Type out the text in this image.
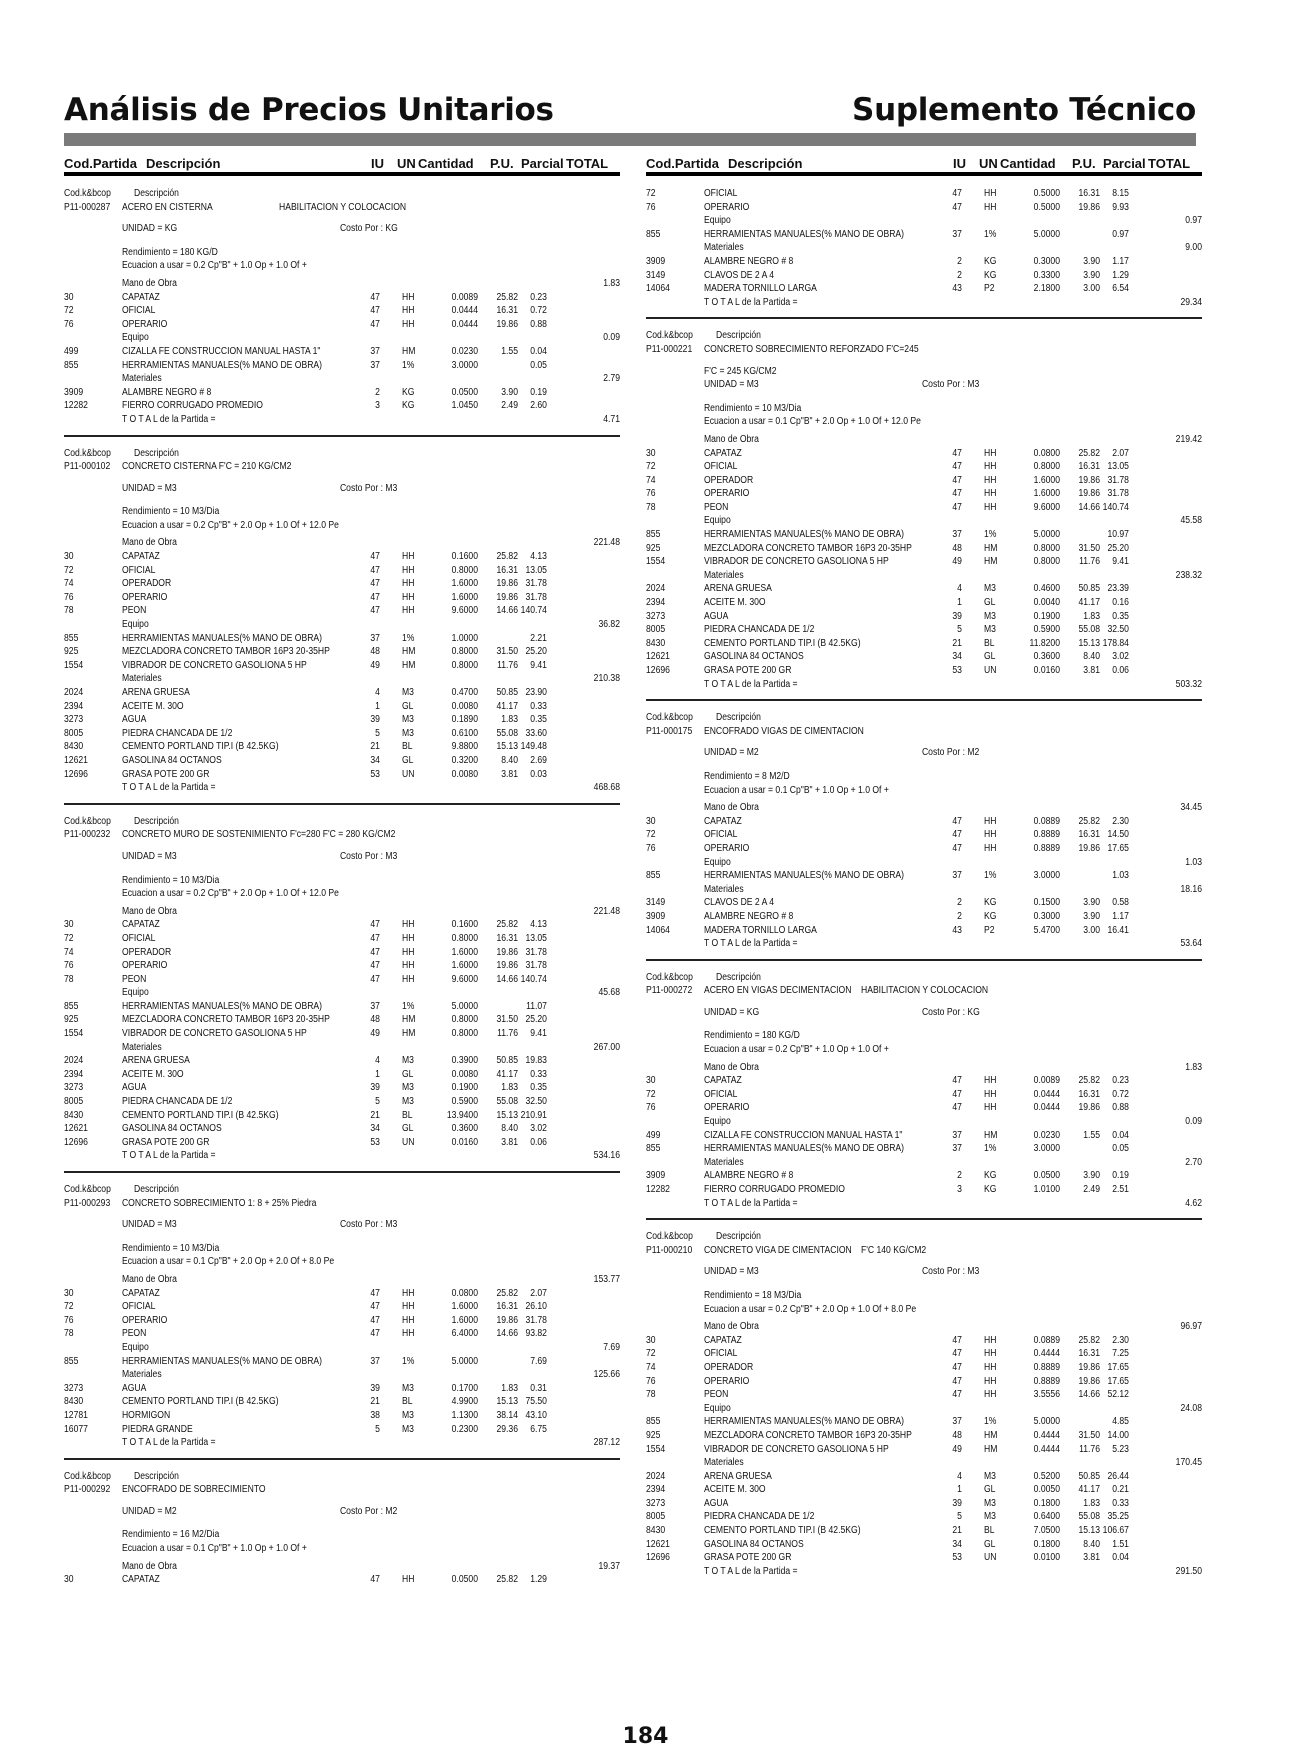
Análisis de Precios Unitarios	Suplemento Técnico
Cod.Partida Descripción	IU UN Cantidad P.U. Parcial TOTAL
Cod.k&bcop Descripción
P11-000287 ACERO EN CISTERNA	HABILITACION Y COLOCACION
UNIDAD = KG	Costo Por : KG
Rendimiento = 180 KG/D
Ecuacion a usar = 0.2 Cp"B" + 1.0 Op + 1.0 Of +
Mano de Obra	1.83
30	CAPATAZ	47 HH	0.0089 25.82 0.23
72	OFICIAL	47 HH	0.0444 16.31 0.72
76	OPERARIO	47 HH	0.0444 19.86 0.88
Equipo	0.09
499	CIZALLA FE CONSTRUCCION MANUAL HASTA 1"	37 HM	0.0230 1.55 0.04
855	HERRAMIENTAS MANUALES(% MANO DE OBRA)	37 1%	3.0000	0.05
Materiales	2.79
3909	ALAMBRE NEGRO # 8	2 KG	0.0500 3.90 0.19
12282	FIERRO CORRUGADO PROMEDIO	3 KG	1.0450 2.49 2.60
T O T A L de la Partida =	4.71
Cod.k&bcop Descripción
P11-000102 CONCRETO CISTERNA F'C = 210 KG/CM2
UNIDAD = M3	Costo Por : M3
Rendimiento = 10 M3/Dia
Ecuacion a usar = 0.2 Cp"B" + 2.0 Op + 1.0 Of + 12.0 Pe
Mano de Obra	221.48
30	CAPATAZ	47 HH	0.1600 25.82 4.13
72	OFICIAL	47 HH	0.8000 16.31 13.05
74	OPERADOR	47 HH	1.6000 19.86 31.78
76	OPERARIO	47 HH	1.6000 19.86 31.78
78	PEON	47 HH	9.6000 14.66 140.74
Equipo	36.82
855	HERRAMIENTAS MANUALES(% MANO DE OBRA)	37 1%	1.0000	2.21
925	MEZCLADORA CONCRETO TAMBOR 16P3 20-35HP	48 HM	0.8000 31.50 25.20
1554	VIBRADOR DE CONCRETO GASOLIONA 5 HP	49 HM	0.8000 11.76 9.41
Materiales	210.38
2024	ARENA GRUESA	4 M3	0.4700 50.85 23.90
2394	ACEITE M. 30O	1 GL	0.0080 41.17 0.33
3273	AGUA	39 M3	0.1890 1.83 0.35
8005	PIEDRA CHANCADA DE 1/2	5 M3	0.6100 55.08 33.60
8430	CEMENTO PORTLAND TIP.I (B 42.5KG)	21 BL	9.8800 15.13 149.48
12621	GASOLINA 84 OCTANOS	34 GL	0.3200 8.40 2.69
12696	GRASA POTE 200 GR	53 UN	0.0080 3.81 0.03
T O T A L de la Partida =	468.68
Cod.k&bcop Descripción
P11-000232 CONCRETO MURO DE SOSTENIMIENTO F'c=280 F'C = 280 KG/CM2
UNIDAD = M3	Costo Por : M3
Rendimiento = 10 M3/Dia
Ecuacion a usar = 0.2 Cp"B" + 2.0 Op + 1.0 Of + 12.0 Pe
Mano de Obra	221.48
30	CAPATAZ	47 HH	0.1600 25.82 4.13
72	OFICIAL	47 HH	0.8000 16.31 13.05
74	OPERADOR	47 HH	1.6000 19.86 31.78
76	OPERARIO	47 HH	1.6000 19.86 31.78
78	PEON	47 HH	9.6000 14.66 140.74
Equipo	45.68
855	HERRAMIENTAS MANUALES(% MANO DE OBRA)	37 1%	5.0000	11.07
925	MEZCLADORA CONCRETO TAMBOR 16P3 20-35HP	48 HM	0.8000 31.50 25.20
1554	VIBRADOR DE CONCRETO GASOLIONA 5 HP	49 HM	0.8000 11.76 9.41
Materiales	267.00
2024	ARENA GRUESA	4 M3	0.3900 50.85 19.83
2394	ACEITE M. 30O	1 GL	0.0080 41.17 0.33
3273	AGUA	39 M3	0.1900 1.83 0.35
8005	PIEDRA CHANCADA DE 1/2	5 M3	0.5900 55.08 32.50
8430	CEMENTO PORTLAND TIP.I (B 42.5KG)	21 BL	13.9400 15.13 210.91
12621	GASOLINA 84 OCTANOS	34 GL	0.3600 8.40 3.02
12696	GRASA POTE 200 GR	53 UN	0.0160 3.81 0.06
T O T A L de la Partida =	534.16
Cod.k&bcop Descripción
P11-000293 CONCRETO SOBRECIMIENTO 1: 8 + 25% Piedra
UNIDAD = M3	Costo Por : M3
Rendimiento = 10 M3/Dia
Ecuacion a usar = 0.1 Cp"B" + 2.0 Op + 2.0 Of + 8.0 Pe
Mano de Obra	153.77
30	CAPATAZ	47 HH	0.0800 25.82 2.07
72	OFICIAL	47 HH	1.6000 16.31 26.10
76	OPERARIO	47 HH	1.6000 19.86 31.78
78	PEON	47 HH	6.4000 14.66 93.82
Equipo	7.69
855	HERRAMIENTAS MANUALES(% MANO DE OBRA)	37 1%	5.0000	7.69
Materiales	125.66
3273	AGUA	39 M3	0.1700 1.83 0.31
8430	CEMENTO PORTLAND TIP.I (B 42.5KG)	21 BL	4.9900 15.13 75.50
12781	HORMIGON	38 M3	1.1300 38.14 43.10
16077	PIEDRA GRANDE	5 M3	0.2300 29.36 6.75
T O T A L de la Partida =	287.12
Cod.k&bcop Descripción
P11-000292 ENCOFRADO DE SOBRECIMIENTO
UNIDAD = M2	Costo Por : M2
Rendimiento = 16 M2/Dia
Ecuacion a usar = 0.1 Cp"B" + 1.0 Op + 1.0 Of +
Mano de Obra	19.37
30	CAPATAZ	47 HH	0.0500 25.82 1.29
Cod.Partida Descripción	IU UN Cantidad P.U. Parcial TOTAL
72	OFICIAL	47 HH	0.5000 16.31 8.15
76	OPERARIO	47 HH	0.5000 19.86 9.93
Equipo	0.97
855	HERRAMIENTAS MANUALES(% MANO DE OBRA)	37 1%	5.0000	0.97
Materiales	9.00
3909	ALAMBRE NEGRO # 8	2 KG	0.3000 3.90 1.17
3149	CLAVOS DE 2 A 4	2 KG	0.3300 3.90 1.29
14064	MADERA TORNILLO LARGA	43 P2	2.1800 3.00 6.54
T O T A L de la Partida =	29.34
Cod.k&bcop Descripción
P11-000221 CONCRETO SOBRECIMIENTO REFORZADO F'C=245
F'C = 245 KG/CM2
UNIDAD = M3	Costo Por : M3
Rendimiento = 10 M3/Dia
Ecuacion a usar = 0.1 Cp"B" + 2.0 Op + 1.0 Of + 12.0 Pe
Mano de Obra	219.42
30	CAPATAZ	47 HH	0.0800 25.82 2.07
72	OFICIAL	47 HH	0.8000 16.31 13.05
74	OPERADOR	47 HH	1.6000 19.86 31.78
76	OPERARIO	47 HH	1.6000 19.86 31.78
78	PEON	47 HH	9.6000 14.66 140.74
Equipo	45.58
855	HERRAMIENTAS MANUALES(% MANO DE OBRA)	37 1%	5.0000	10.97
925	MEZCLADORA CONCRETO TAMBOR 16P3 20-35HP	48 HM	0.8000 31.50 25.20
1554	VIBRADOR DE CONCRETO GASOLIONA 5 HP	49 HM	0.8000 11.76 9.41
Materiales	238.32
2024	ARENA GRUESA	4 M3	0.4600 50.85 23.39
2394	ACEITE M. 30O	1 GL	0.0040 41.17 0.16
3273	AGUA	39 M3	0.1900 1.83 0.35
8005	PIEDRA CHANCADA DE 1/2	5 M3	0.5900 55.08 32.50
8430	CEMENTO PORTLAND TIP.I (B 42.5KG)	21 BL	11.8200 15.13 178.84
12621	GASOLINA 84 OCTANOS	34 GL	0.3600 8.40 3.02
12696	GRASA POTE 200 GR	53 UN	0.0160 3.81 0.06
T O T A L de la Partida =	503.32
Cod.k&bcop Descripción
P11-000175 ENCOFRADO VIGAS DE CIMENTACION
UNIDAD = M2	Costo Por : M2
Rendimiento = 8 M2/D
Ecuacion a usar = 0.1 Cp"B" + 1.0 Op + 1.0 Of +
Mano de Obra	34.45
30	CAPATAZ	47 HH	0.0889 25.82 2.30
72	OFICIAL	47 HH	0.8889 16.31 14.50
76	OPERARIO	47 HH	0.8889 19.86 17.65
Equipo	1.03
855	HERRAMIENTAS MANUALES(% MANO DE OBRA)	37 1%	3.0000	1.03
Materiales	18.16
3149	CLAVOS DE 2 A 4	2 KG	0.1500 3.90 0.58
3909	ALAMBRE NEGRO # 8	2 KG	0.3000 3.90 1.17
14064	MADERA TORNILLO LARGA	43 P2	5.4700 3.00 16.41
T O T A L de la Partida =	53.64
Cod.k&bcop Descripción
P11-000272 ACERO EN VIGAS DECIMENTACION HABILITACION Y COLOCACION
UNIDAD = KG	Costo Por : KG
Rendimiento = 180 KG/D
Ecuacion a usar = 0.2 Cp"B" + 1.0 Op + 1.0 Of +
Mano de Obra	1.83
30	CAPATAZ	47 HH	0.0089 25.82 0.23
72	OFICIAL	47 HH	0.0444 16.31 0.72
76	OPERARIO	47 HH	0.0444 19.86 0.88
Equipo	0.09
499	CIZALLA FE CONSTRUCCION MANUAL HASTA 1"	37 HM	0.0230 1.55 0.04
855	HERRAMIENTAS MANUALES(% MANO DE OBRA)	37 1%	3.0000	0.05
Materiales	2.70
3909	ALAMBRE NEGRO # 8	2 KG	0.0500 3.90 0.19
12282	FIERRO CORRUGADO PROMEDIO	3 KG	1.0100 2.49 2.51
T O T A L de la Partida =	4.62
Cod.k&bcop Descripción
P11-000210 CONCRETO VIGA DE CIMENTACION F'C 140 KG/CM2
UNIDAD = M3	Costo Por : M3
Rendimiento = 18 M3/Dia
Ecuacion a usar = 0.2 Cp"B" + 2.0 Op + 1.0 Of + 8.0 Pe
Mano de Obra	96.97
30	CAPATAZ	47 HH	0.0889 25.82 2.30
72	OFICIAL	47 HH	0.4444 16.31 7.25
74	OPERADOR	47 HH	0.8889 19.86 17.65
76	OPERARIO	47 HH	0.8889 19.86 17.65
78	PEON	47 HH	3.5556 14.66 52.12
Equipo	24.08
855	HERRAMIENTAS MANUALES(% MANO DE OBRA)	37 1%	5.0000	4.85
925	MEZCLADORA CONCRETO TAMBOR 16P3 20-35HP	48 HM	0.4444 31.50 14.00
1554	VIBRADOR DE CONCRETO GASOLIONA 5 HP	49 HM	0.4444 11.76 5.23
Materiales	170.45
2024	ARENA GRUESA	4 M3	0.5200 50.85 26.44
2394	ACEITE M. 30O	1 GL	0.0050 41.17 0.21
3273	AGUA	39 M3	0.1800 1.83 0.33
8005	PIEDRA CHANCADA DE 1/2	5 M3	0.6400 55.08 35.25
8430	CEMENTO PORTLAND TIP.I (B 42.5KG)	21 BL	7.0500 15.13 106.67
12621	GASOLINA 84 OCTANOS	34 GL	0.1800 8.40 1.51
12696	GRASA POTE 200 GR	53 UN	0.0100 3.81 0.04
T O T A L de la Partida =	291.50
184
